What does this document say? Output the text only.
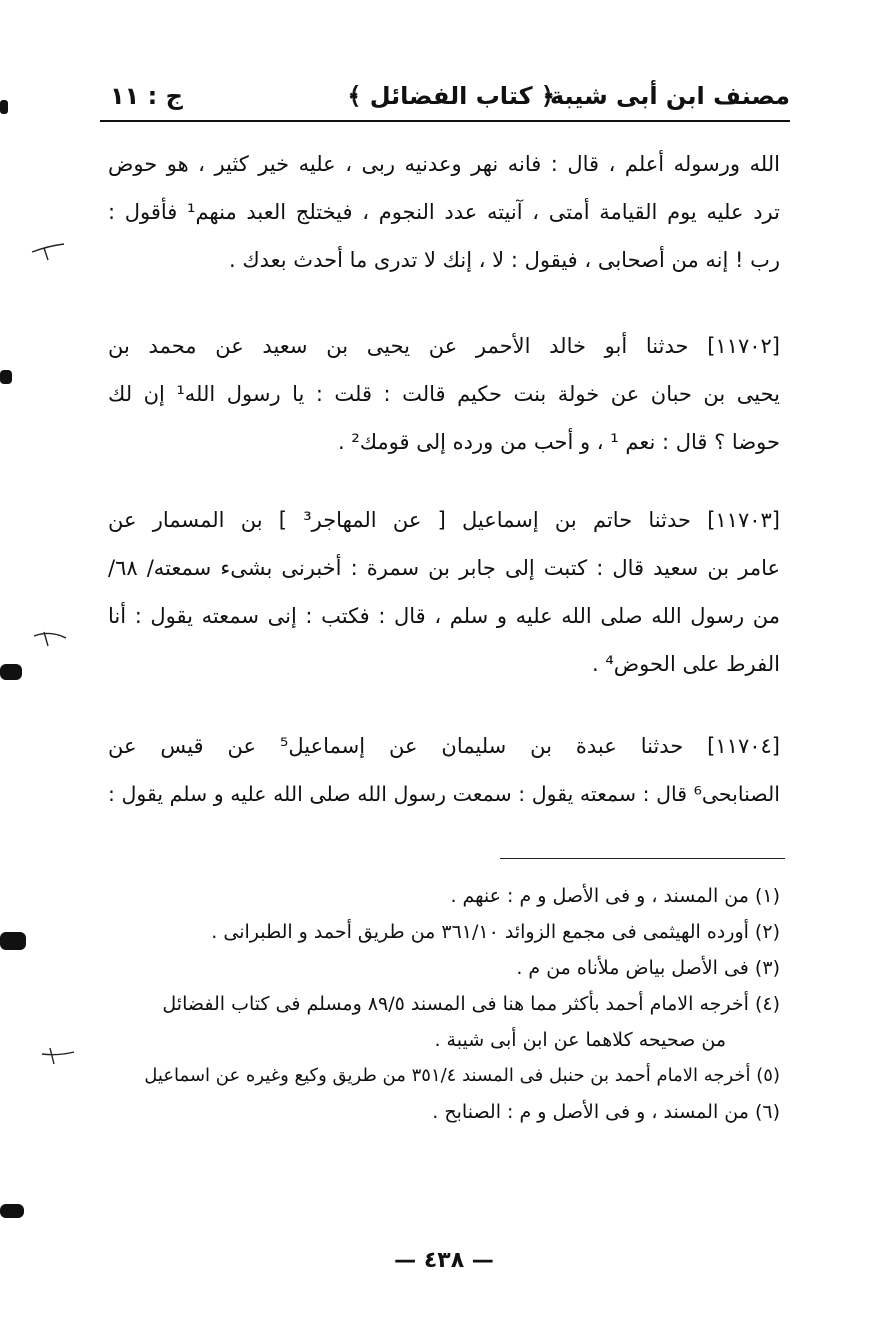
مصنف ابن أبى شيبة
﴿ كتاب الفضائل ﴾
ج : ١١
الله ورسوله أعلم ، قال : فانه نهر وعدنيه ربى ، عليه خير كثير ، هو حوض
ترد عليه يوم القيامة أمتى ، آنيته عدد النجوم ، فيختلج العبد منهم¹ فأقول :
رب ! إنه من أصحابى ، فيقول : لا ، إنك لا تدرى ما أحدث بعدك .
[١١٧٠٢] حدثنا أبو خالد الأحمر عن يحيى بن سعيد عن محمد بن
يحيى بن حبان عن خولة بنت حكيم قالت : قلت : يا رسول الله¹ إن لك
حوضا ؟ قال : نعم ¹ ، و أحب من ورده إلى قومك² .
[١١٧٠٣] حدثنا حاتم بن إسماعيل [ عن المهاجر³ ] بن المسمار عن
عامر بن سعيد قال : كتبت إلى جابر بن سمرة : أخبرنى بشىء سمعته/ ٦٨/
من رسول الله صلى الله عليه و سلم ، قال : فكتب : إنى سمعته يقول : أنا
الفرط على الحوض⁴ .
[١١٧٠٤] حدثنا عبدة بن سليمان عن إسماعيل⁵ عن قيس عن
الصنابحى⁶ قال : سمعته يقول : سمعت رسول الله صلى الله عليه و سلم يقول :
(١) من المسند ، و فى الأصل و م : عنهم .
(٢) أورده الهيثمى فى مجمع الزوائد ٣٦١/١٠ من طريق أحمد و الطبرانى .
(٣) فى الأصل بياض ملأناه من م .
(٤) أخرجه الامام أحمد بأكثر مما هنا فى المسند ٨٩/٥ ومسلم فى كتاب الفضائل
من صحيحه كلاهما عن ابن أبى شيبة .
(٥) أخرجه الامام أحمد بن حنبل فى المسند ٣٥١/٤ من طريق وكيع وغيره عن اسماعيل
(٦) من المسند ، و فى الأصل و م : الصنابح .
— ٤٣٨ —
